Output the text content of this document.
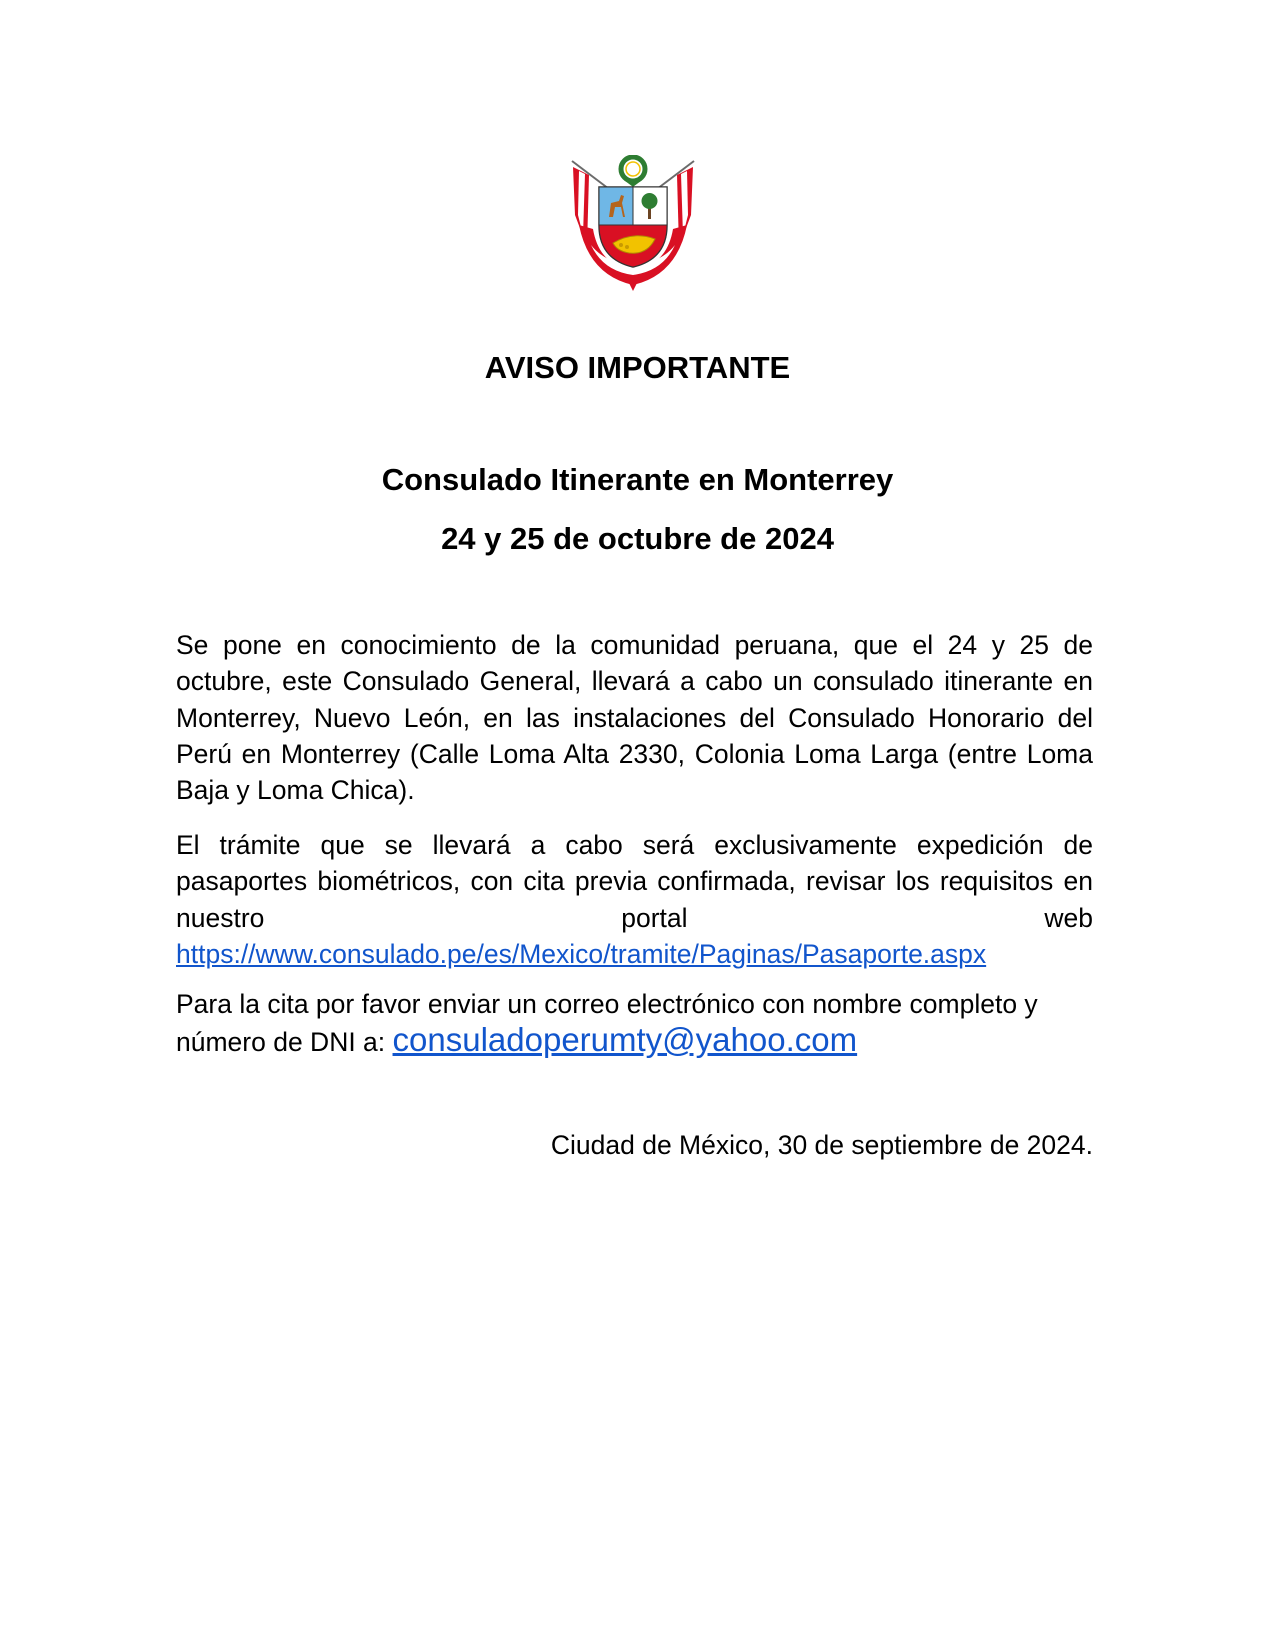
AVISO IMPORTANTE
Consulado Itinerante en Monterrey
24 y 25 de octubre de 2024

Se pone en conocimiento de la comunidad peruana, que el 24 y 25 de octubre, este Consulado General, llevará a cabo un consulado itinerante en Monterrey, Nuevo León, en las instalaciones del Consulado Honorario del Perú en Monterrey (Calle Loma Alta 2330, Colonia Loma Larga (entre Loma Baja y Loma Chica).

El trámite que se llevará a cabo será exclusivamente expedición de pasaportes biométricos, con cita previa confirmada, revisar los requisitos en nuestro portal web https://www.consulado.pe/es/Mexico/tramite/Paginas/Pasaporte.aspx

Para la cita por favor enviar un correo electrónico con nombre completo y número de DNI a: consuladoperumty@yahoo.com

Ciudad de México, 30 de septiembre de 2024.
